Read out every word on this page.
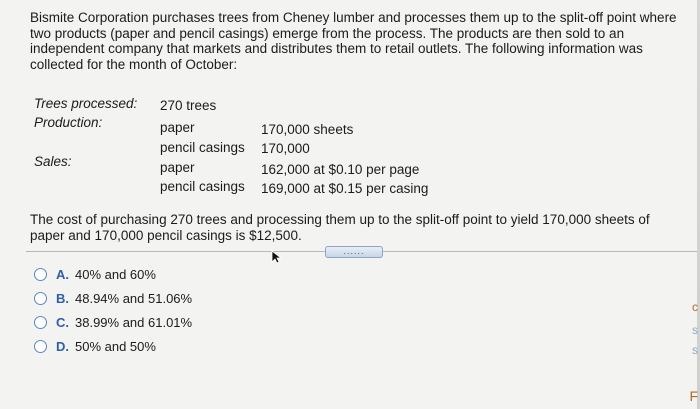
Bismite Corporation purchases trees from Cheney lumber and processes them up to the split-off point where two products (paper and pencil casings) emerge from the process. The products are then sold to an independent company that markets and distributes them to retail outlets. The following information was collected for the month of October:
Trees processed: 270 trees
Production:	paper	170,000 sheets
pencil casings 170,000
Sales:	paper	162,000 at $0.10 per page
pencil casings 169,000 at $0.15 per casing
The cost of purchasing 270 trees and processing them up to the split-off point to yield 170,000 sheets of paper and 170,000 pencil casings is $12,500.
......
A. 40% and 60%
B. 48.94% and 51.06%
C. 38.99% and 61.01%
D. 50% and 50%
c
s
s
F
